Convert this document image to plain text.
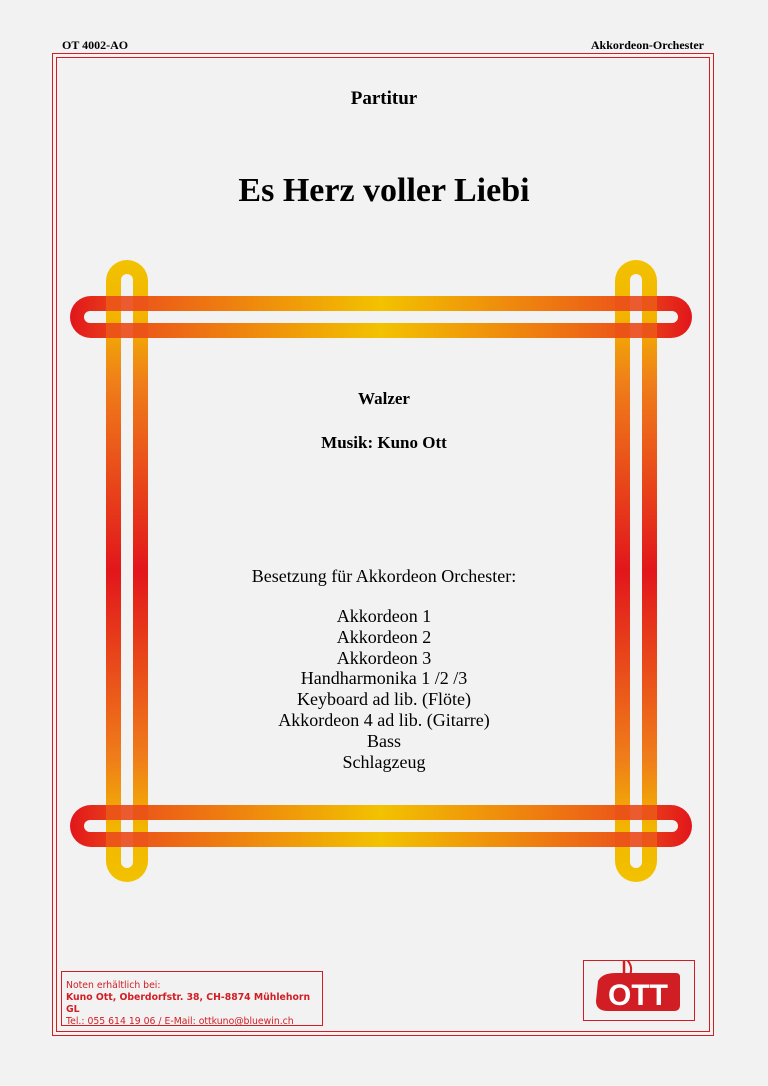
OT 4002-AO	Akkordeon-Orchester
Partitur
Es Herz voller Liebi
Walzer
Musik: Kuno Ott
Besetzung für Akkordeon Orchester:
Akkordeon 1
Akkordeon 2
Akkordeon 3
Handharmonika 1 /2 /3
Keyboard ad lib. (Flöte)
Akkordeon 4 ad lib. (Gitarre)
Bass
Schlagzeug
Noten erhältlich bei:
Kuno Ott, Oberdorfstr. 38, CH-8874 Mühlehorn GL
Tel.: 055 614 19 06 / E-Mail: ottkuno@bluewin.ch
OTT
